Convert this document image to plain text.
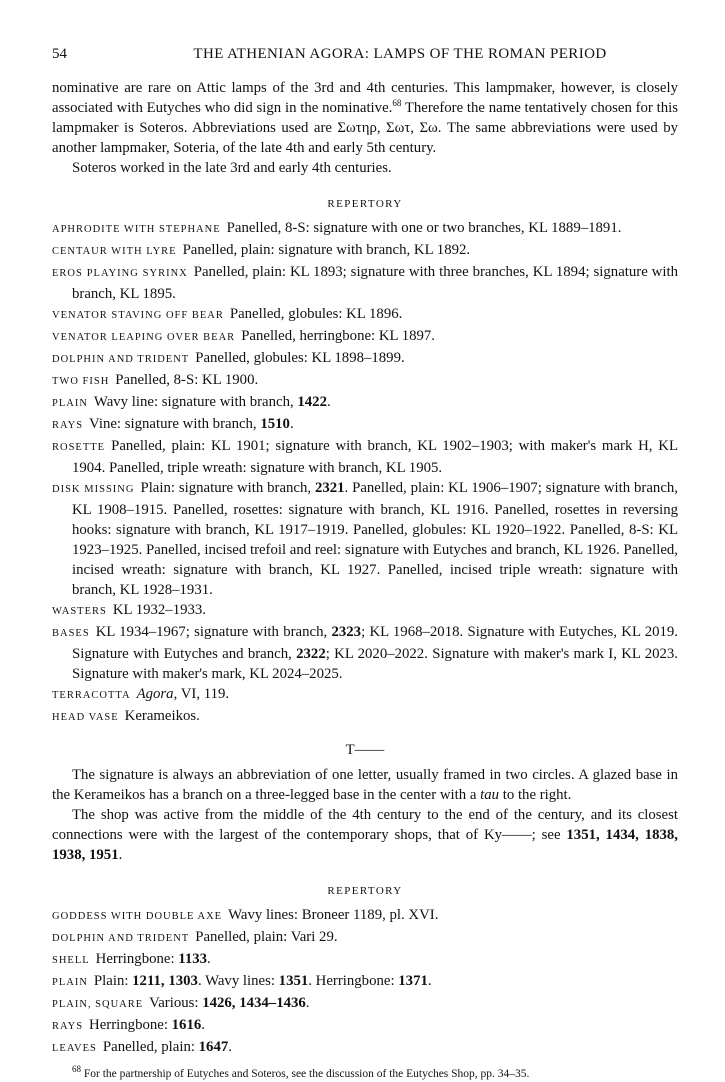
54	THE ATHENIAN AGORA: LAMPS OF THE ROMAN PERIOD

nominative are rare on Attic lamps of the 3rd and 4th centuries. This lampmaker, however, is closely associated with Eutyches who did sign in the nominative.$^{68}$ Therefore the name tentatively chosen for this lampmaker is Soteros. Abbreviations used are Σωτηρ, Σωτ, Σω. The same abbreviations were used by another lampmaker, Soteria, of the late 4th and early 5th century.

Soteros worked in the late 3rd and early 4th centuries.

REPERTORY
APHRODITE WITH STEPHANE Panelled, 8-S: signature with one or two branches, KL 1889–1891.
CENTAUR WITH LYRE Panelled, plain: signature with branch, KL 1892.
EROS PLAYING SYRINX Panelled, plain: KL 1893; signature with three branches, KL 1894; signature with branch, KL 1895.
VENATOR STAVING OFF BEAR Panelled, globules: KL 1896.
VENATOR LEAPING OVER BEAR Panelled, herringbone: KL 1897.
DOLPHIN AND TRIDENT Panelled, globules: KL 1898–1899.
TWO FISH Panelled, 8-S: KL 1900.
PLAIN Wavy line: signature with branch, 1422.
RAYS Vine: signature with branch, 1510.
ROSETTE Panelled, plain: KL 1901; signature with branch, KL 1902–1903; with maker's mark H, KL 1904. Panelled, triple wreath: signature with branch, KL 1905.
DISK MISSING Plain: signature with branch, 2321. Panelled, plain: KL 1906–1907; signature with branch, KL 1908–1915. Panelled, rosettes: signature with branch, KL 1916. Panelled, rosettes in reversing hooks: signature with branch, KL 1917–1919. Panelled, globules: KL 1920–1922. Panelled, 8-S: KL 1923–1925. Panelled, incised trefoil and reel: signature with Eutyches and branch, KL 1926. Panelled, incised wreath: signature with branch, KL 1927. Panelled, incised triple wreath: signature with branch, KL 1928–1931.
WASTERS KL 1932–1933.
BASES KL 1934–1967; signature with branch, 2323; KL 1968–2018. Signature with Eutyches, KL 2019. Signature with Eutyches and branch, 2322; KL 2020–2022. Signature with maker's mark I, KL 2023. Signature with maker's mark, KL 2024–2025.
TERRACOTTA Agora, VI, 119.
HEAD VASE Kerameikos.
T——

The signature is always an abbreviation of one letter, usually framed in two circles. A glazed base in the Kerameikos has a branch on a three-legged base in the center with a tau to the right.

The shop was active from the middle of the 4th century to the end of the century, and its closest connections were with the largest of the contemporary shops, that of Ky——; see 1351, 1434, 1838, 1938, 1951.

REPERTORY
GODDESS WITH DOUBLE AXE Wavy lines: Broneer 1189, pl. XVI.
DOLPHIN AND TRIDENT Panelled, plain: Vari 29.
SHELL Herringbone: 1133.
PLAIN Plain: 1211, 1303. Wavy lines: 1351. Herringbone: 1371.
PLAIN, SQUARE Various: 1426, 1434–1436.
RAYS Herringbone: 1616.
LEAVES Panelled, plain: 1647.
$^{68}$ For the partnership of Eutyches and Soteros, see the discussion of the Eutyches Shop, pp. 34–35.
